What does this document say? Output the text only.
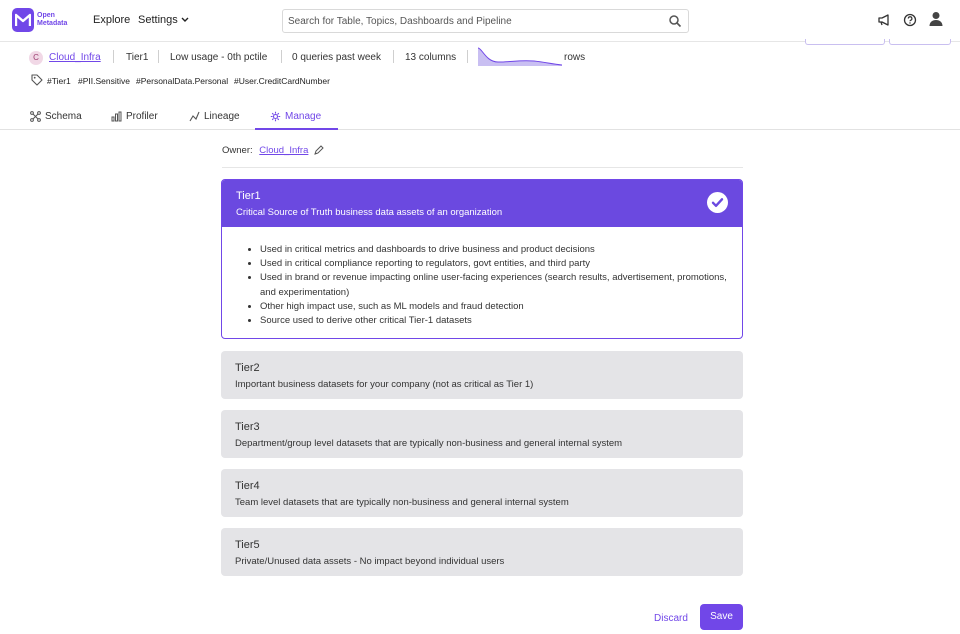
Open
Metadata Explore Settings	Search for Table, Topics, Dashboards and Pipeline
C	Cloud_Infra	Tier1 Low usage - 0th pctile 0 queries past week 13 columns	rows
#Tier1 #PII.Sensitive #PersonalData.Personal #User.CreditCardNumber
Schema	Profiler	Lineage	Manage
Owner: Cloud_Infra
Tier1
Critical Source of Truth business data assets of an organization
• Used in critical metrics and dashboards to drive business and product decisions
• Used in critical compliance reporting to regulators, govt entities, and third party
• Used in brand or revenue impacting online user-facing experiences (search results, advertisement, promotions, and experimentation)
• Other high impact use, such as ML models and fraud detection
• Source used to derive other critical Tier-1 datasets
Tier2
Important business datasets for your company (not as critical as Tier 1)
Tier3
Department/group level datasets that are typically non-business and general internal system
Tier4
Team level datasets that are typically non-business and general internal system
Tier5
Private/Unused data assets - No impact beyond individual users
Discard	Save
